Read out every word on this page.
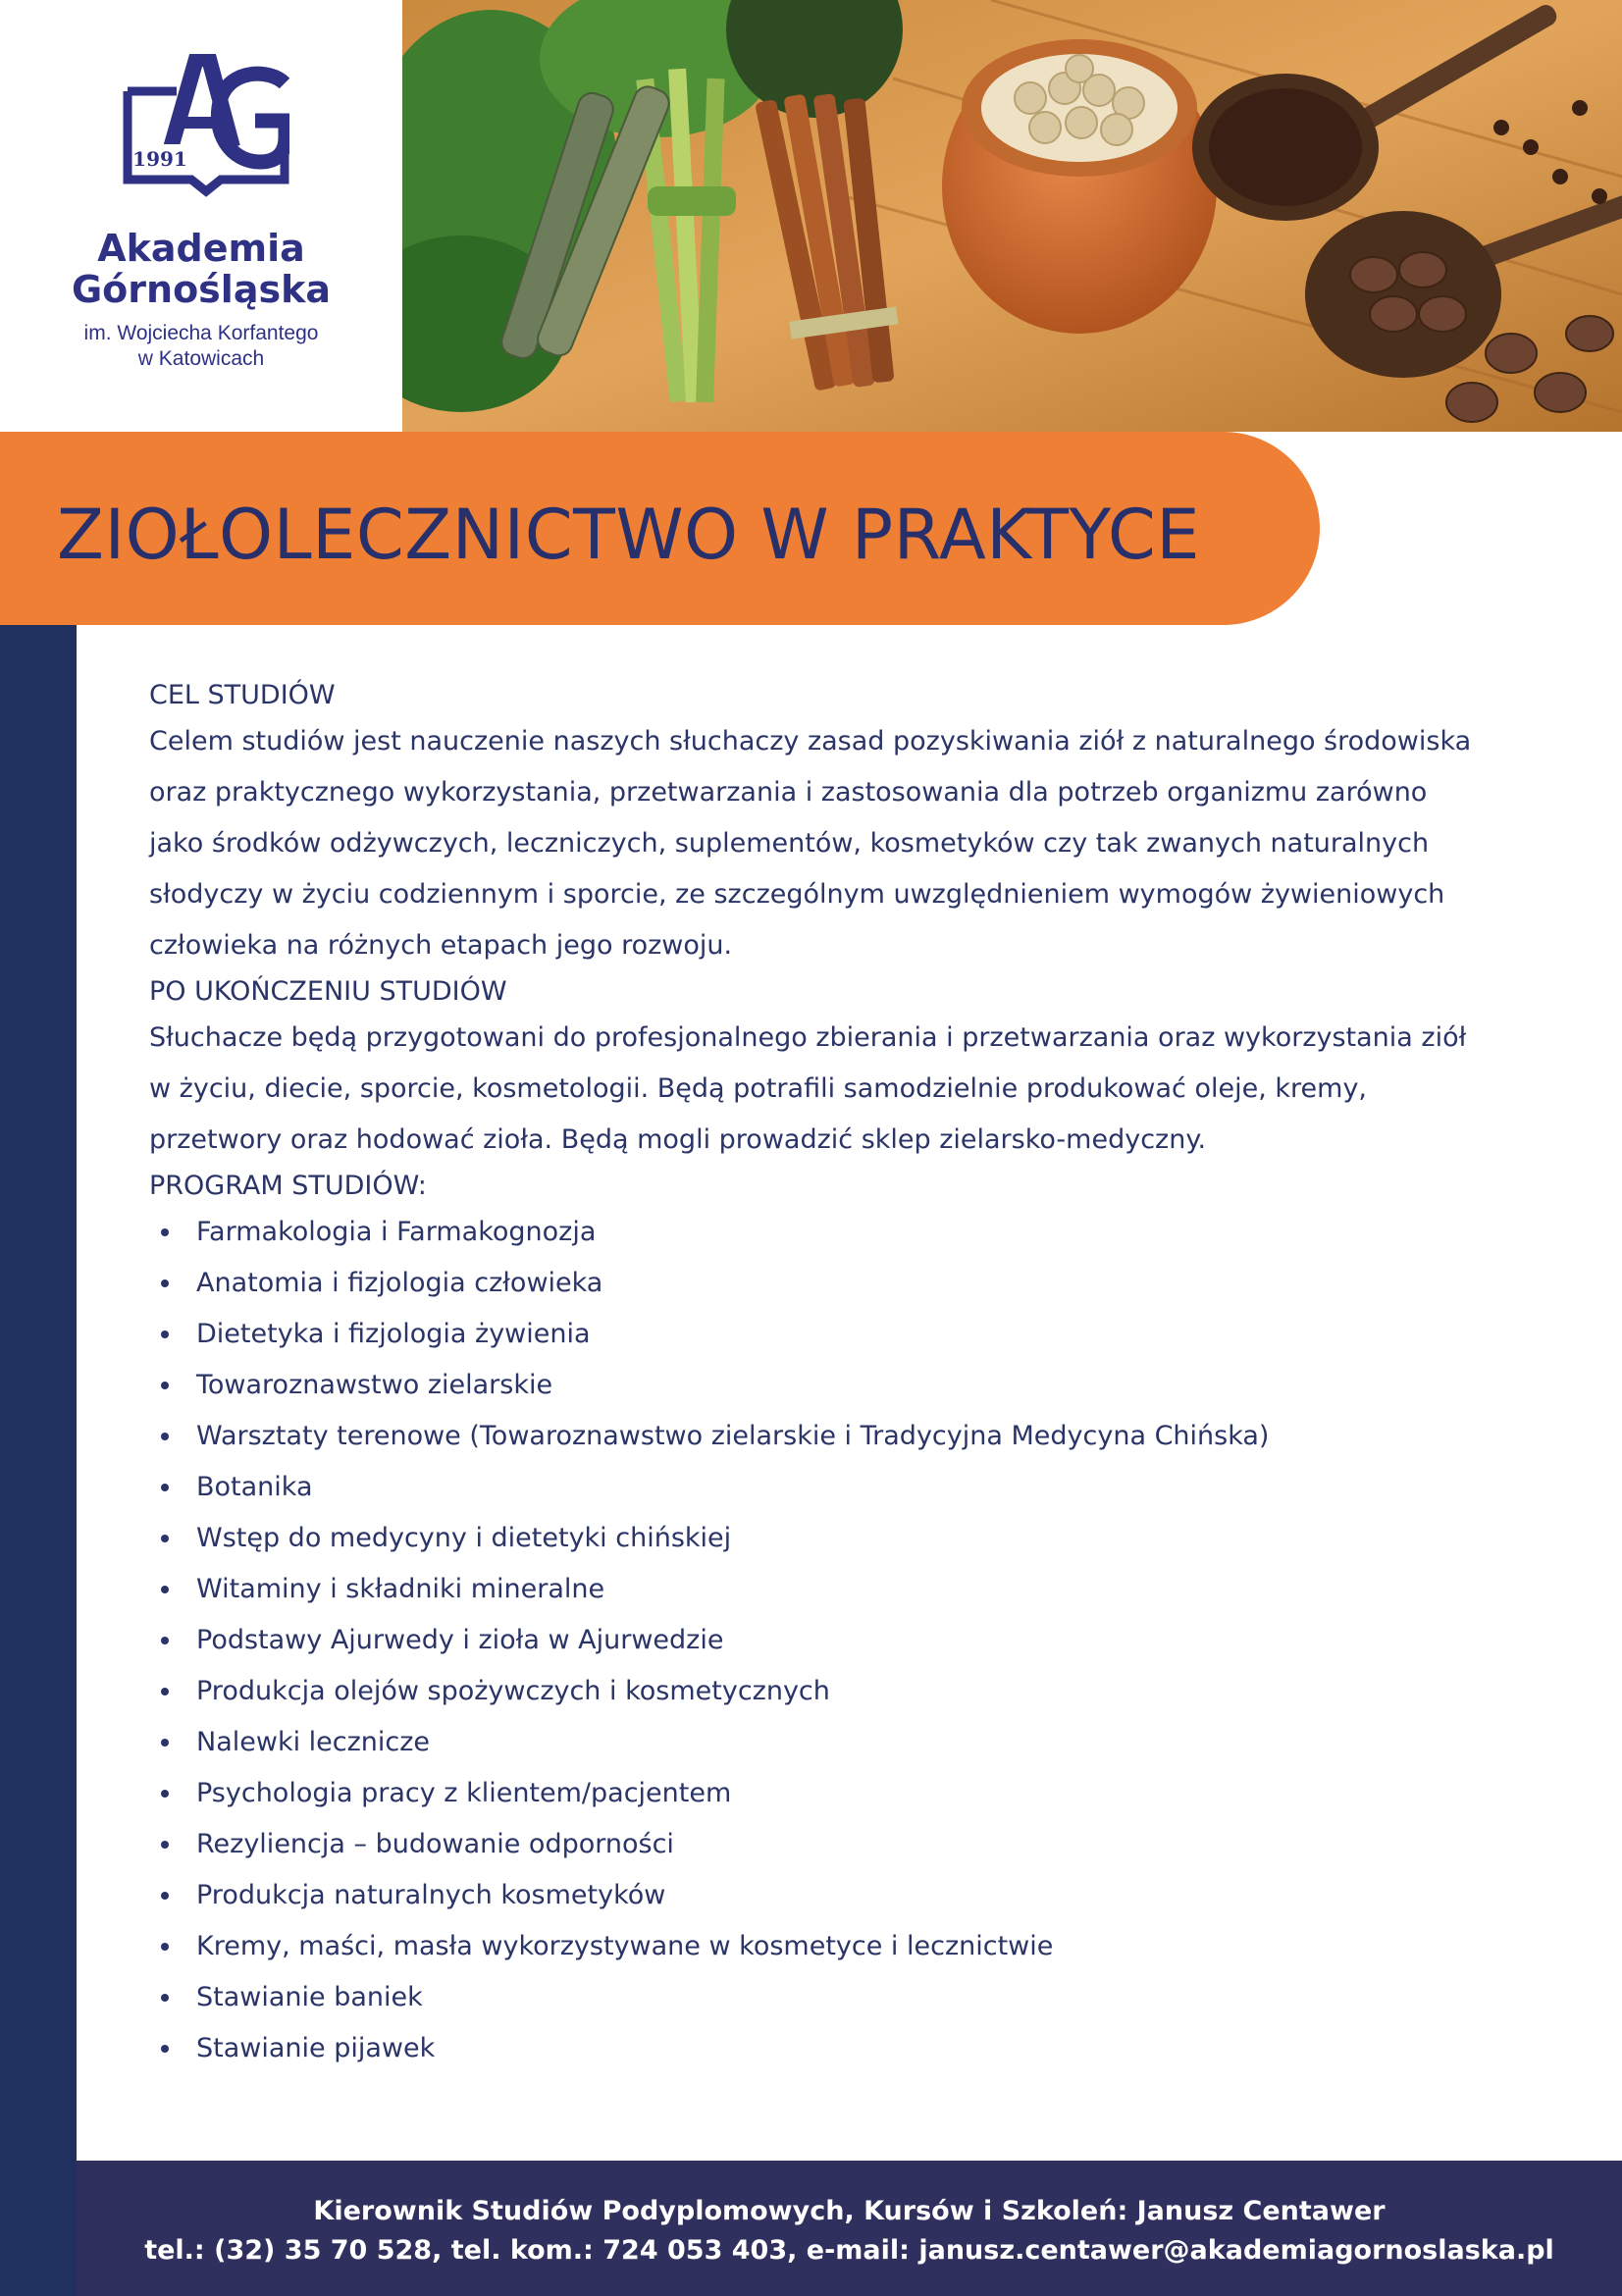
1991
Akademia
Górnośląska
im. Wojciecha Korfantego
w Katowicach
ZIOŁOLECZNICTWO W PRAKTYCE
CEL STUDIÓW

Celem studiów jest nauczenie naszych słuchaczy zasad pozyskiwania ziół z naturalnego środowiska
oraz praktycznego wykorzystania, przetwarzania i zastosowania dla potrzeb organizmu zarówno
jako środków odżywczych, leczniczych, suplementów, kosmetyków czy tak zwanych naturalnych
słodyczy w życiu codziennym i sporcie, ze szczególnym uwzględnieniem wymogów żywieniowych
człowieka na różnych etapach jego rozwoju.

PO UKOŃCZENIU STUDIÓW

Słuchacze będą przygotowani do profesjonalnego zbierania i przetwarzania oraz wykorzystania ziół
w życiu, diecie, sporcie, kosmetologii. Będą potrafili samodzielnie produkować oleje, kremy,
przetwory oraz hodować zioła. Będą mogli prowadzić sklep zielarsko-medyczny.

PROGRAM STUDIÓW:
Farmakologia i Farmakognozja
Anatomia i fizjologia człowieka
Dietetyka i fizjologia żywienia
Towaroznawstwo zielarskie
Warsztaty terenowe (Towaroznawstwo zielarskie i Tradycyjna Medycyna Chińska)
Botanika
Wstęp do medycyny i dietetyki chińskiej
Witaminy i składniki mineralne
Podstawy Ajurwedy i zioła w Ajurwedzie
Produkcja olejów spożywczych i kosmetycznych
Nalewki lecznicze
Psychologia pracy z klientem/pacjentem
Rezyliencja – budowanie odporności
Produkcja naturalnych kosmetyków
Kremy, maści, masła wykorzystywane w kosmetyce i lecznictwie
Stawianie baniek
Stawianie pijawek
Kierownik Studiów Podyplomowych, Kursów i Szkoleń: Janusz Centawer
tel.: (32) 35 70 528, tel. kom.: 724 053 403, e-mail: janusz.centawer@akademiagornoslaska.pl
